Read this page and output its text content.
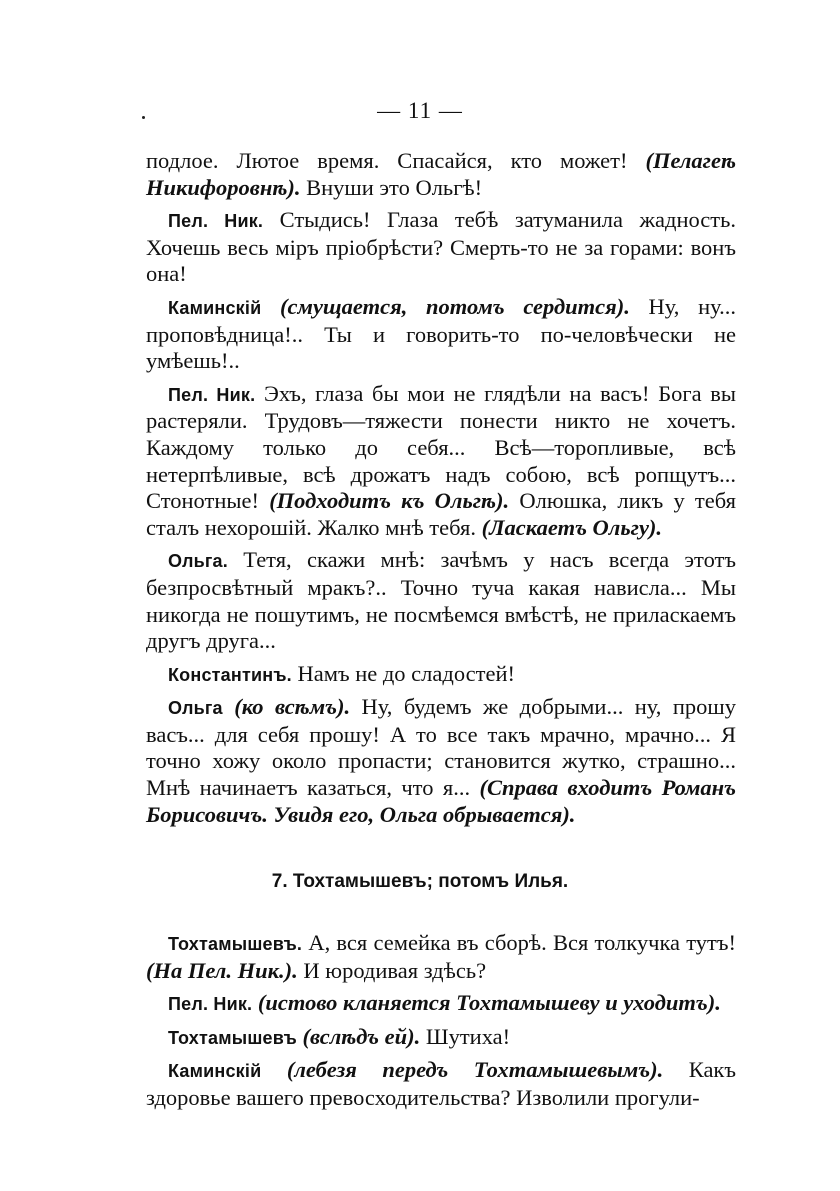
— 11 —

подлое. Лютое время. Спасайся, кто может! (Пелагеѣ Никифоровнѣ). Внуши это Ольгѣ!

Пел. Ник. Стыдись! Глаза тебѣ затуманила жадность. Хочешь весь міръ пріобрѣсти? Смерть-то не за горами: вонъ она!

Каминскій (смущается, потомъ сердится). Ну, ну... проповѣдница!.. Ты и говорить-то по-человѣчески не умѣешь!..

Пел. Ник. Эхъ, глаза бы мои не глядѣли на васъ! Бога вы растеряли. Трудовъ—тяжести понести никто не хочетъ. Каждому только до себя... Всѣ—торопливые, всѣ нетерпѣливые, всѣ дрожатъ надъ собою, всѣ ропщутъ... Стонотные! (Подходитъ къ Ольгѣ). Олюшка, ликъ у тебя сталъ нехорошій. Жалко мнѣ тебя. (Ласкаетъ Ольгу).

Ольга. Тетя, скажи мнѣ: зачѣмъ у насъ всегда этотъ безпросвѣтный мракъ?.. Точно туча какая нависла... Мы никогда не пошутимъ, не посмѣемся вмѣстѣ, не приласкаемъ другъ друга...

Константинъ. Намъ не до сладостей!

Ольга (ко всѣмъ). Ну, будемъ же добрыми... ну, прошу васъ... для себя прошу! А то все такъ мрачно, мрачно... Я точно хожу около пропасти; становится жутко, страшно... Мнѣ начинаетъ казаться, что я... (Справа входитъ Романъ Борисовичъ. Увидя его, Ольга обрывается).

7. Тохтамышевъ; потомъ Илья.

Тохтамышевъ. А, вся семейка въ сборѣ. Вся толкучка тутъ! (На Пел. Ник.). И юродивая здѣсь?

Пел. Ник. (истово кланяется Тохтамышеву и уходитъ).

Тохтамышевъ (вслѣдъ ей). Шутиха!

Каминскій (лебезя передъ Тохтамышевымъ). Какъ здоровье вашего превосходительства? Изволили прогули-
